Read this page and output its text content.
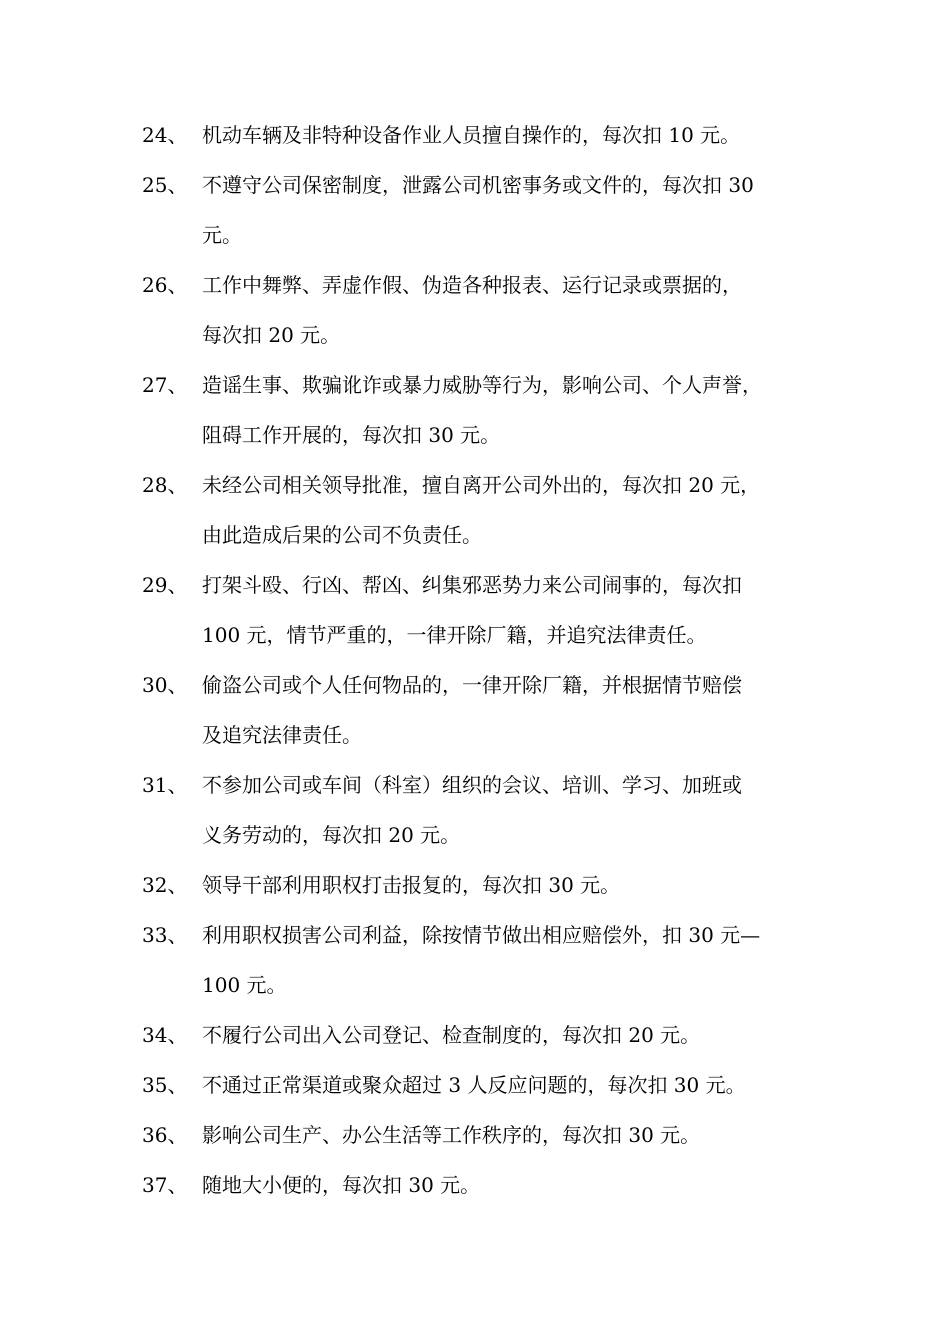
24、 机动车辆及非特种设备作业人员擅自操作的，每次扣 10 元。
25、 不遵守公司保密制度，泄露公司机密事务或文件的，每次扣 30
元。
26、 工作中舞弊、弄虚作假、伪造各种报表、运行记录或票据的，
每次扣 20 元。
27、 造谣生事、欺骗讹诈或暴力威胁等行为，影响公司、个人声誉，
阻碍工作开展的，每次扣 30 元。
28、 未经公司相关领导批准，擅自离开公司外出的，每次扣 20 元，
由此造成后果的公司不负责任。
29、 打架斗殴、行凶、帮凶、纠集邪恶势力来公司闹事的，每次扣
100 元，情节严重的，一律开除厂籍，并追究法律责任。
30、 偷盗公司或个人任何物品的，一律开除厂籍，并根据情节赔偿
及追究法律责任。
31、 不参加公司或车间（科室）组织的会议、培训、学习、加班或
义务劳动的，每次扣 20 元。
32、 领导干部利用职权打击报复的，每次扣 30 元。
33、 利用职权损害公司利益，除按情节做出相应赔偿外，扣 30 元—
100 元。
34、 不履行公司出入公司登记、检查制度的，每次扣 20 元。
35、 不通过正常渠道或聚众超过 3 人反应问题的，每次扣 30 元。
36、 影响公司生产、办公生活等工作秩序的，每次扣 30 元。
37、 随地大小便的，每次扣 30 元。
